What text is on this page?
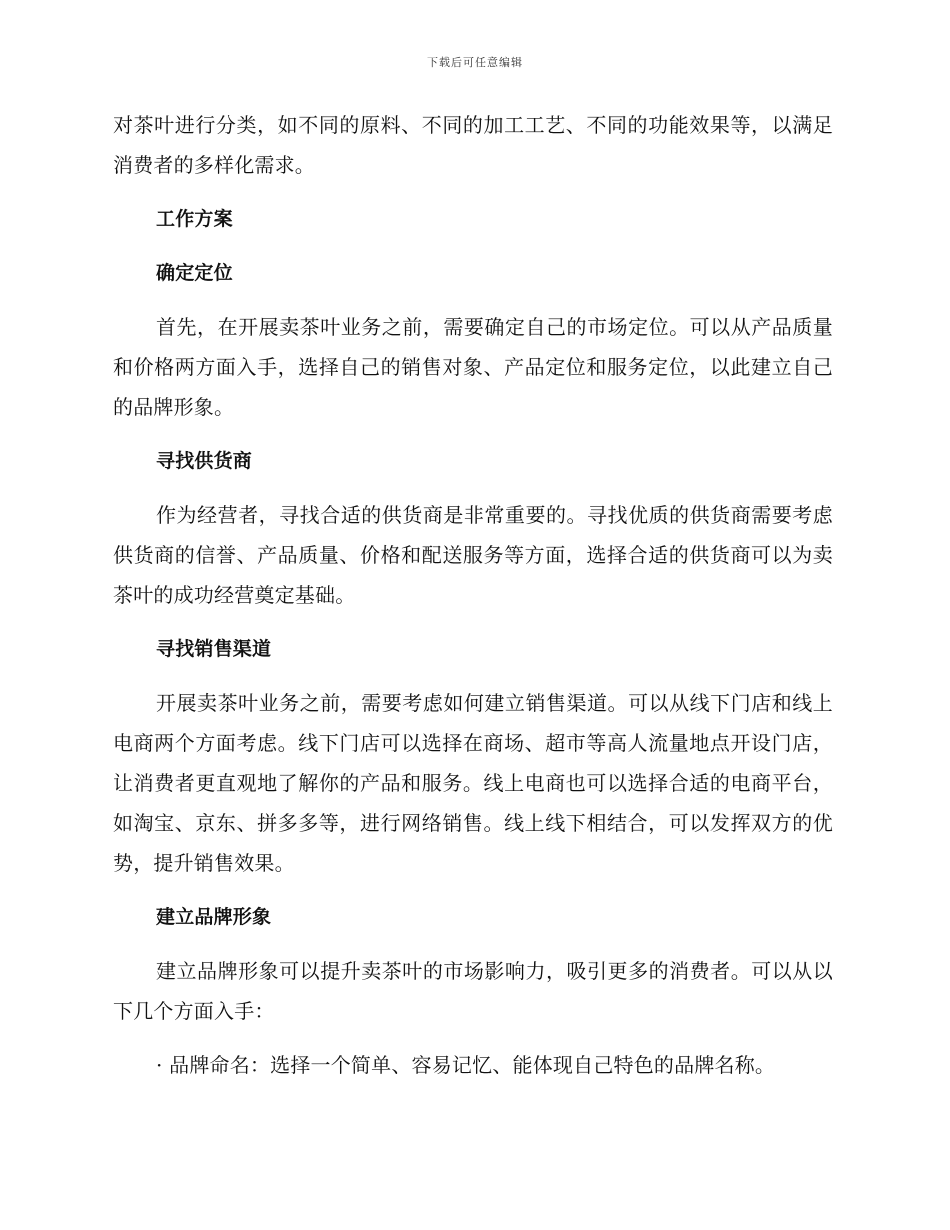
下载后可任意编辑

对茶叶进行分类，如不同的原料、不同的加工工艺、不同的功能效果等，以满足消费者的多样化需求。

工作方案

确定定位

首先，在开展卖茶叶业务之前，需要确定自己的市场定位。可以从产品质量和价格两方面入手，选择自己的销售对象、产品定位和服务定位，以此建立自己的品牌形象。

寻找供货商

作为经营者，寻找合适的供货商是非常重要的。寻找优质的供货商需要考虑供货商的信誉、产品质量、价格和配送服务等方面，选择合适的供货商可以为卖茶叶的成功经营奠定基础。

寻找销售渠道

开展卖茶叶业务之前，需要考虑如何建立销售渠道。可以从线下门店和线上电商两个方面考虑。线下门店可以选择在商场、超市等高人流量地点开设门店，让消费者更直观地了解你的产品和服务。线上电商也可以选择合适的电商平台，如淘宝、京东、拼多多等，进行网络销售。线上线下相结合，可以发挥双方的优势，提升销售效果。

建立品牌形象

建立品牌形象可以提升卖茶叶的市场影响力，吸引更多的消费者。可以从以下几个方面入手：

· 品牌命名：选择一个简单、容易记忆、能体现自己特色的品牌名称。
